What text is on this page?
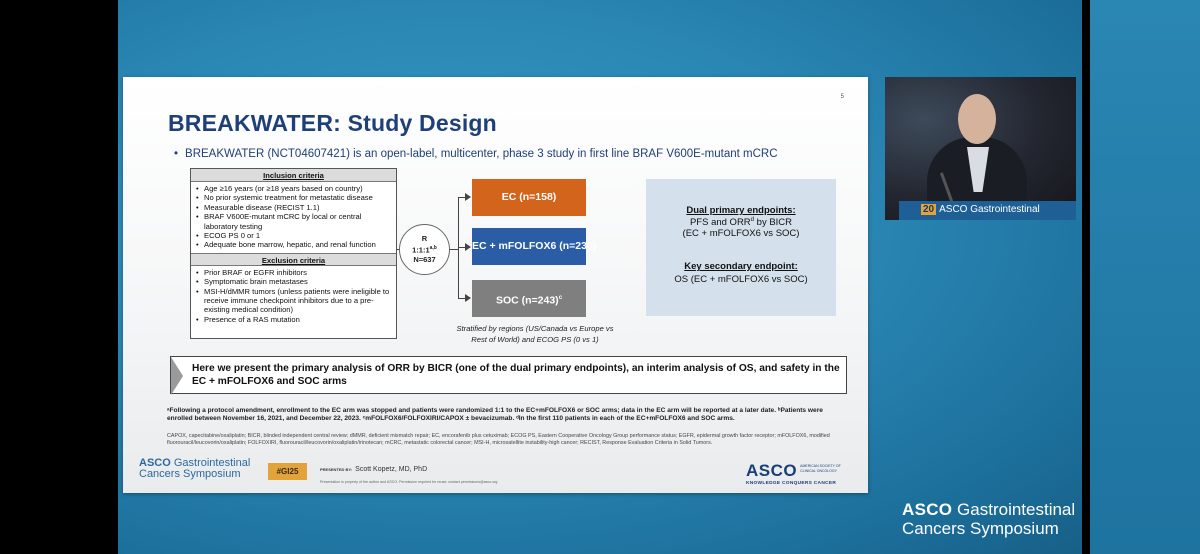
5
BREAKWATER: Study Design
• BREAKWATER (NCT04607421) is an open-label, multicenter, phase 3 study in first line BRAF V600E-mutant mCRC
Inclusion criteria
• Age ≥16 years (or ≥18 years based on country)
• No prior systemic treatment for metastatic disease
• Measurable disease (RECIST 1.1)
• BRAF V600E-mutant mCRC by local or central laboratory testing
• ECOG PS 0 or 1
• Adequate bone marrow, hepatic, and renal function
Exclusion criteria
• Prior BRAF or EGFR inhibitors
• Symptomatic brain metastases
• MSI-H/dMMR tumors (unless patients were ineligible to receive immune checkpoint inhibitors due to a pre-existing medical condition)
• Presence of a RAS mutation
R
1:1:1$^{a,b}$
N=637
EC (n=158)
EC + mFOLFOX6 (n=236)
SOC (n=243)$^c$
Stratified by regions (US/Canada vs Europe vs Rest of World) and ECOG PS (0 vs 1)
Dual primary endpoints:
PFS and ORR$^d$ by BICR
(EC + mFOLFOX6 vs SOC)
Key secondary endpoint:
OS (EC + mFOLFOX6 vs SOC)
Here we present the primary analysis of ORR by BICR (one of the dual primary endpoints), an interim analysis of OS, and safety in the EC + mFOLFOX6 and SOC arms
ᵃFollowing a protocol amendment, enrollment to the EC arm was stopped and patients were randomized 1:1 to the EC+mFOLFOX6 or SOC arms; data in the EC arm will be reported at a later date. ᵇPatients were enrolled between November 16, 2021, and December 22, 2023. ᶜmFOLFOX6/FOLFOXIRI/CAPOX ± bevacizumab. ᵈIn the first 110 patients in each of the EC+mFOLFOX6 and SOC arms.
CAPOX, capecitabine/oxaliplatin; BICR, blinded independent central review; dMMR, deficient mismatch repair; EC, encorafenib plus cetuximab; ECOG PS, Eastern Cooperative Oncology Group performance status; EGFR, epidermal growth factor receptor; mFOLFOX6, modified fluorouracil/leucovorin/oxaliplatin; FOLFOXIRI, fluorouracil/leucovorin/oxaliplatin/irinotecan; mCRC, metastatic colorectal cancer; MSI-H, microsatellite instability-high cancer; RECIST, Response Evaluation Criteria in Solid Tumors.
ASCO Gastrointestinal
Cancers Symposium	#GI25	PRESENTED BY: Scott Kopetz, MD, PhD
Presentation is property of the author and ASCO. Permission required for reuse; contact permissions@asco.org
ASCO AMERICAN SOCIETY OF CLINICAL ONCOLOGY
KNOWLEDGE CONQUERS CANCER
20 ASCO Gastrointestinal
ASCO Gastrointestinal
Cancers Symposium
